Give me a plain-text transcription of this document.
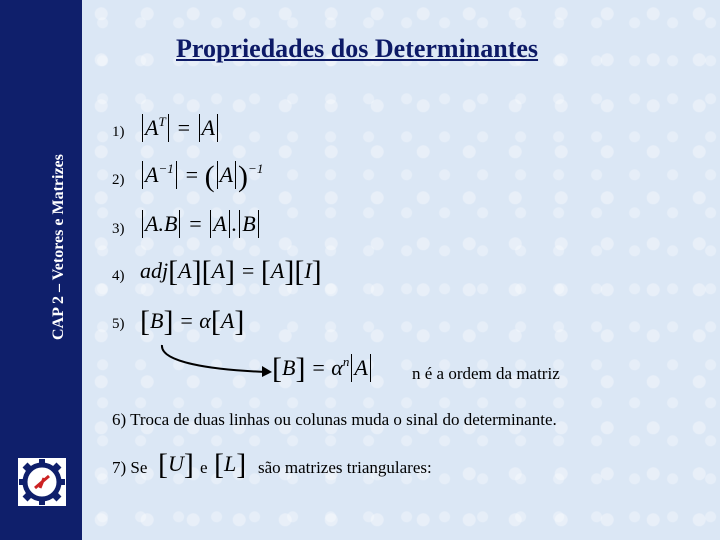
CAP 2 – Vetores e Matrizes
Propriedades dos Determinantes
1) $A^T = A$
2) $A^{-1}$ = ( A )$^{-1}$
3) A.B = A . B
4) adj[A][A] = [A][I]
5) [B] = α[A]
$[B] = \alpha^n$ A	n é a ordem da matriz
6) Troca de duas linhas ou colunas muda o sinal do determinante.
7) Se [U] e [L] são matrizes triangulares:
